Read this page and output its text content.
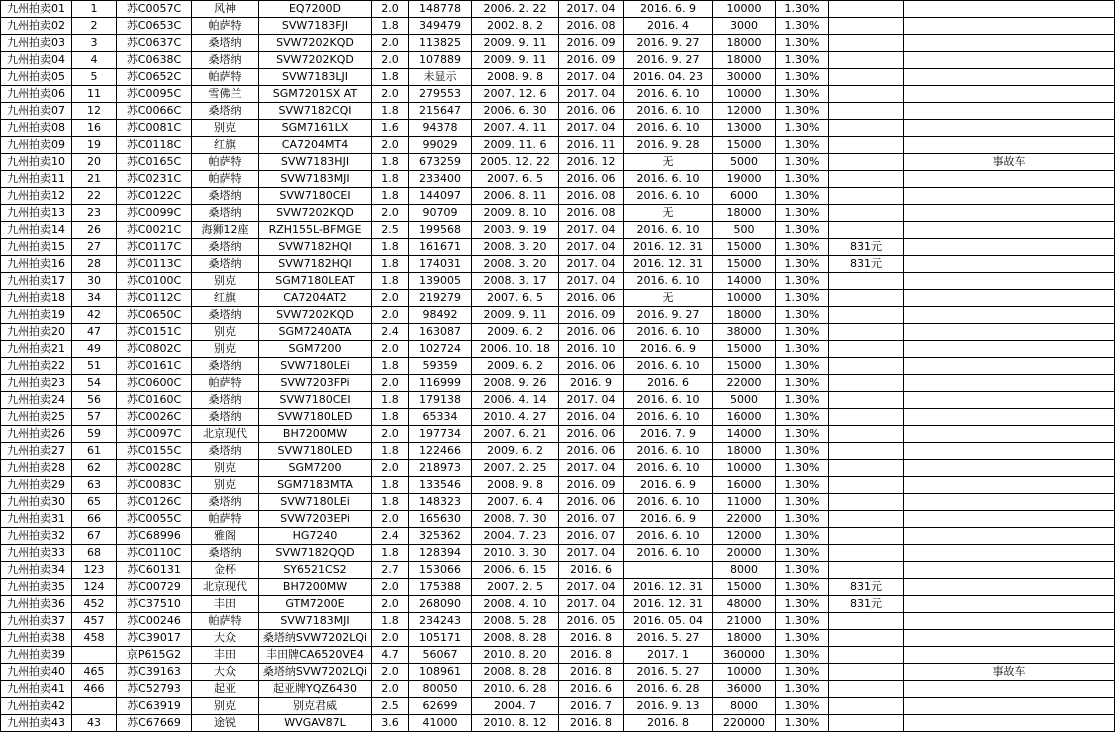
九州拍卖01	1	苏C0057C	风神	EQ7200D	2.0	148778	2006. 2. 22	2017. 04	2016. 6. 9	10000	1.30%		
九州拍卖02	2	苏C0653C	帕萨特	SVW7183FJI	1.8	349479	2002. 8. 2	2016. 08	2016. 4	3000	1.30%		
九州拍卖03	3	苏C0637C	桑塔纳	SVW7202KQD	2.0	113825	2009. 9. 11	2016. 09	2016. 9. 27	18000	1.30%		
九州拍卖04	4	苏C0638C	桑塔纳	SVW7202KQD	2.0	107889	2009. 9. 11	2016. 09	2016. 9. 27	18000	1.30%		
九州拍卖05	5	苏C0652C	帕萨特	SVW7183LJI	1.8	未显示	2008. 9. 8	2017. 04	2016. 04. 23	30000	1.30%		
九州拍卖06	11	苏C0095C	雪佛兰	SGM7201SX AT	2.0	279553	2007. 12. 6	2017. 04	2016. 6. 10	10000	1.30%		
九州拍卖07	12	苏C0066C	桑塔纳	SVW7182CQI	1.8	215647	2006. 6. 30	2016. 06	2016. 6. 10	12000	1.30%		
九州拍卖08	16	苏C0081C	别克	SGM7161LX	1.6	94378	2007. 4. 11	2017. 04	2016. 6. 10	13000	1.30%		
九州拍卖09	19	苏C0118C	红旗	CA7204MT4	2.0	99029	2009. 11. 6	2016. 11	2016. 9. 28	15000	1.30%		
九州拍卖10	20	苏C0165C	帕萨特	SVW7183HJI	1.8	673259	2005. 12. 22	2016. 12	无	5000	1.30%		事故车
九州拍卖11	21	苏C0231C	帕萨特	SVW7183MJI	1.8	233400	2007. 6. 5	2016. 06	2016. 6. 10	19000	1.30%		
九州拍卖12	22	苏C0122C	桑塔纳	SVW7180CEI	1.8	144097	2006. 8. 11	2016. 08	2016. 6. 10	6000	1.30%		
九州拍卖13	23	苏C0099C	桑塔纳	SVW7202KQD	2.0	90709	2009. 8. 10	2016. 08	无	18000	1.30%		
九州拍卖14	26	苏C0021C	海狮12座	RZH155L-BFMGE	2.5	199568	2003. 9. 19	2017. 04	2016. 6. 10	500	1.30%		
九州拍卖15	27	苏C0117C	桑塔纳	SVW7182HQI	1.8	161671	2008. 3. 20	2017. 04	2016. 12. 31	15000	1.30%	831元	
九州拍卖16	28	苏C0113C	桑塔纳	SVW7182HQI	1.8	174031	2008. 3. 20	2017. 04	2016. 12. 31	15000	1.30%	831元	
九州拍卖17	30	苏C0100C	别克	SGM7180LEAT	1.8	139005	2008. 3. 17	2017. 04	2016. 6. 10	14000	1.30%		
九州拍卖18	34	苏C0112C	红旗	CA7204AT2	2.0	219279	2007. 6. 5	2016. 06	无	10000	1.30%		
九州拍卖19	42	苏C0650C	桑塔纳	SVW7202KQD	2.0	98492	2009. 9. 11	2016. 09	2016. 9. 27	18000	1.30%		
九州拍卖20	47	苏C0151C	别克	SGM7240ATA	2.4	163087	2009. 6. 2	2016. 06	2016. 6. 10	38000	1.30%		
九州拍卖21	49	苏C0802C	别克	SGM7200	2.0	102724	2006. 10. 18	2016. 10	2016. 6. 9	15000	1.30%		
九州拍卖22	51	苏C0161C	桑塔纳	SVW7180LEi	1.8	59359	2009. 6. 2	2016. 06	2016. 6. 10	15000	1.30%		
九州拍卖23	54	苏C0600C	帕萨特	SVW7203FPi	2.0	116999	2008. 9. 26	2016. 9	2016. 6	22000	1.30%		
九州拍卖24	56	苏C0160C	桑塔纳	SVW7180CEI	1.8	179138	2006. 4. 14	2017. 04	2016. 6. 10	5000	1.30%		
九州拍卖25	57	苏C0026C	桑塔纳	SVW7180LED	1.8	65334	2010. 4. 27	2016. 04	2016. 6. 10	16000	1.30%		
九州拍卖26	59	苏C0097C	北京现代	BH7200MW	2.0	197734	2007. 6. 21	2016. 06	2016. 7. 9	14000	1.30%		
九州拍卖27	61	苏C0155C	桑塔纳	SVW7180LED	1.8	122466	2009. 6. 2	2016. 06	2016. 6. 10	18000	1.30%		
九州拍卖28	62	苏C0028C	别克	SGM7200	2.0	218973	2007. 2. 25	2017. 04	2016. 6. 10	10000	1.30%		
九州拍卖29	63	苏C0083C	别克	SGM7183MTA	1.8	133546	2008. 9. 8	2016. 09	2016. 6. 9	16000	1.30%		
九州拍卖30	65	苏C0126C	桑塔纳	SVW7180LEi	1.8	148323	2007. 6. 4	2016. 06	2016. 6. 10	11000	1.30%		
九州拍卖31	66	苏C0055C	帕萨特	SVW7203EPi	2.0	165630	2008. 7. 30	2016. 07	2016. 6. 9	22000	1.30%		
九州拍卖32	67	苏C68996	雅阁	HG7240	2.4	325362	2004. 7. 23	2016. 07	2016. 6. 10	12000	1.30%		
九州拍卖33	68	苏C0110C	桑塔纳	SVW7182QQD	1.8	128394	2010. 3. 30	2017. 04	2016. 6. 10	20000	1.30%		
九州拍卖34	123	苏C60131	金杯	SY6521CS2	2.7	153066	2006. 6. 15	2016. 6		8000	1.30%		
九州拍卖35	124	苏C00729	北京现代	BH7200MW	2.0	175388	2007. 2. 5	2017. 04	2016. 12. 31	15000	1.30%	831元	
九州拍卖36	452	苏C37510	丰田	GTM7200E	2.0	268090	2008. 4. 10	2017. 04	2016. 12. 31	48000	1.30%	831元	
九州拍卖37	457	苏C00246	帕萨特	SVW7183MJI	1.8	234243	2008. 5. 28	2016. 05	2016. 05. 04	21000	1.30%		
九州拍卖38	458	苏C39017	大众	桑塔纳SVW7202LQi	2.0	105171	2008. 8. 28	2016. 8	2016. 5. 27	18000	1.30%		
九州拍卖39		京P615G2	丰田	丰田牌CA6520VE4	4.7	56067	2010. 8. 20	2016. 8	2017. 1	360000	1.30%		
九州拍卖40	465	苏C39163	大众	桑塔纳SVW7202LQi	2.0	108961	2008. 8. 28	2016. 8	2016. 5. 27	10000	1.30%		事故车
九州拍卖41	466	苏C52793	起亚	起亚牌YQZ6430	2.0	80050	2010. 6. 28	2016. 6	2016. 6. 28	36000	1.30%		
九州拍卖42		苏C63919	别克	别克君威	2.5	62699	2004. 7	2016. 7	2016. 9. 13	8000	1.30%		
九州拍卖43	43	苏C67669	途锐	WVGAV87L	3.6	41000	2010. 8. 12	2016. 8	2016. 8	220000	1.30%		
